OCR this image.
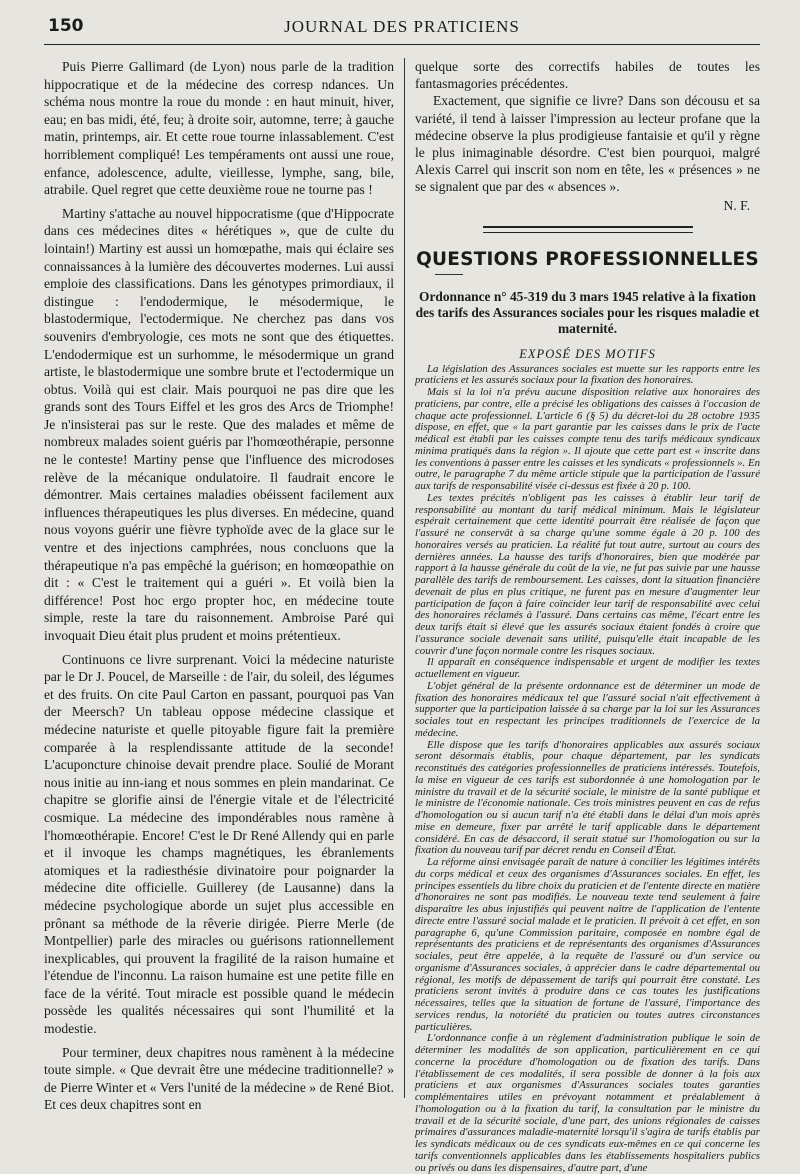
150	JOURNAL DES PRATICIENS

Puis Pierre Gallimard (de Lyon) nous parle de la tradition hippocratique et de la médecine des corresp ndances. Un schéma nous montre la roue du monde : en haut minuit, hiver, eau; en bas midi, été, feu; à droite soir, automne, terre; à gauche matin, printemps, air. Et cette roue tourne inlassablement. C'est horriblement compliqué! Les tempéraments ont aussi une roue, enfance, adolescence, adulte, vieillesse, lymphe, sang, bile, atrabile. Quel regret que cette deuxième roue ne tourne pas !

Martiny s'attache au nouvel hippocratisme (que d'Hippocrate dans ces médecines dites « hérétiques », que de culte du lointain!) Martiny est aussi un homœpathe, mais qui éclaire ses connaissances à la lumière des découvertes modernes. Lui aussi emploie des classifications. Dans les génotypes primordiaux, il distingue : l'endodermique, le mésodermique, le blastodermique, l'ectodermique. Ne cherchez pas dans vos souvenirs d'embryologie, ces mots ne sont que des étiquettes. L'endodermique est un surhomme, le mésodermique un grand artiste, le blastodermique une sombre brute et l'ectodermique un obtus. Voilà qui est clair. Mais pourquoi ne pas dire que les grands sont des Tours Eiffel et les gros des Arcs de Triomphe! Je n'insisterai pas sur le reste. Que des malades et même de nombreux malades soient guéris par l'homœothérapie, personne ne le conteste! Martiny pense que l'influence des microdoses relève de la mécanique ondulatoire. Il faudrait encore le démontrer. Mais certaines maladies obéissent facilement aux influences thérapeutiques les plus diverses. En médecine, quand nous voyons guérir une fièvre typhoïde avec de la glace sur le ventre et des injections camphrées, nous concluons que la thérapeutique n'a pas empêché la guérison; en homœopathie on dit : « C'est le traitement qui a guéri ». Et voilà bien la différence! Post hoc ergo propter hoc, en médecine toute simple, reste la tare du raisonnement. Ambroise Paré qui invoquait Dieu était plus prudent et moins prétentieux.

Continuons ce livre surprenant. Voici la médecine naturiste par le Dr J. Poucel, de Marseille : de l'air, du soleil, des légumes et des fruits. On cite Paul Carton en passant, pourquoi pas Van der Meersch? Un tableau oppose médecine classique et médecine naturiste et quelle pitoyable figure fait la première comparée à la resplendissante attitude de la seconde! L'acuponcture chinoise devait prendre place. Soulié de Morant nous initie au inn-iang et nous sommes en plein mandarinat. Ce chapitre se glorifie ainsi de l'énergie vitale et de l'électricité cosmique. La médecine des impondérables nous ramène à l'homœothérapie. Encore! C'est le Dr René Allendy qui en parle et il invoque les champs magnétiques, les ébranlements atomiques et la radiesthésie divinatoire pour poignarder la médecine dite officielle. Guillerey (de Lausanne) dans la médecine psychologique aborde un sujet plus accessible en prônant sa méthode de la rêverie dirigée. Pierre Merle (de Montpellier) parle des miracles ou guérisons rationnellement inexplicables, qui prouvent la fragilité de la raison humaine et l'étendue de l'inconnu. La raison humaine est une petite fille en face de la vérité. Tout miracle est possible quand le médecin possède les qualités nécessaires qui sont l'humilité et la modestie.

Pour terminer, deux chapitres nous ramènent à la médecine toute simple. « Que devrait être une médecine traditionnelle? » de Pierre Winter et « Vers l'unité de la médecine » de René Biot. Et ces deux chapitres sont en

quelque sorte des correctifs habiles de toutes les fantasmagories précédentes.

Exactement, que signifie ce livre? Dans son décousu et sa variété, il tend à laisser l'impression au lecteur profane que la médecine observe la plus prodigieuse fantaisie et qu'il y règne le plus inimaginable désordre. C'est bien pourquoi, malgré Alexis Carrel qui inscrit son nom en tête, les « présences » ne se signalent que par des « absences ».

N. F.
QUESTIONS PROFESSIONNELLES
Ordonnance n° 45-319 du 3 mars 1945 relative à la fixation des tarifs des Assurances sociales pour les risques maladie et maternité.
EXPOSÉ DES MOTIFS

La législation des Assurances sociales est muette sur les rapports entre les praticiens et les assurés sociaux pour la fixation des honoraires.

Mais si la loi n'a prévu aucune disposition relative aux honoraires des praticiens, par contre, elle a précisé les obligations des caisses à l'occasion de chaque acte professionnel. L'article 6 (§ 5) du décret-loi du 28 octobre 1935 dispose, en effet, que « la part garantie par les caisses dans le prix de l'acte médical est établi par les caisses compte tenu des tarifs médicaux syndicaux minima pratiqués dans la région ». Il ajoute que cette part est « inscrite dans les conventions à passer entre les caisses et les syndicats « professionnels ». En outre, le paragraphe 7 du même article stipule que la participation de l'assuré aux tarifs de responsabilité visée ci-dessus est fixée à 20 p. 100.

Les textes précités n'obligent pas les caisses à établir leur tarif de responsabilité au montant du tarif médical minimum. Mais le législateur espérait certainement que cette identité pourrait être réalisée de façon que l'assuré ne conservât à sa charge qu'une somme égale à 20 p. 100 des honoraires versés au praticien. La réalité fut tout autre, surtout au cours des dernières années. La hausse des tarifs d'honoraires, bien que modérée par rapport à la hausse générale du coût de la vie, ne fut pas suivie par une hausse parallèle des tarifs de remboursement. Les caisses, dont la situation financière devenait de plus en plus critique, ne furent pas en mesure d'augmenter leur participation de façon à faire coïncider leur tarif de responsabilité avec celui des honoraires réclamés à l'assuré. Dans certains cas même, l'écart entre les deux tarifs était si élevé que les assurés sociaux étaient fondés à croire que l'assurance sociale devenait sans utilité, puisqu'elle était incapable de les couvrir d'une façon normale contre les risques sociaux.

Il apparaît en conséquence indispensable et urgent de modifier les textes actuellement en vigueur.

L'objet général de la présente ordonnance est de déterminer un mode de fixation des honoraires médicaux tel que l'assuré social n'ait effectivement à supporter que la participation laissée à sa charge par la loi sur les Assurances sociales tout en respectant les principes traditionnels de l'exercice de la médecine.

Elle dispose que les tarifs d'honoraires applicables aux assurés sociaux seront désormais établis, pour chaque département, par les syndicats reconstitués des catégories professionnelles de praticiens intéressés. Toutefois, la mise en vigueur de ces tarifs est subordonnée à une homologation par le ministre du travail et de la sécurité sociale, le ministre de la santé publique et le ministre de l'économie nationale. Ces trois ministres peuvent en cas de refus d'homologation ou si aucun tarif n'a été établi dans le délai d'un mois après mise en demeure, fixer par arrêté le tarif applicable dans le département considéré. En cas de désaccord, il serait statué sur l'homologation ou sur la fixation du nouveau tarif par décret rendu en Conseil d'État.

La réforme ainsi envisagée paraît de nature à concilier les légitimes intérêts du corps médical et ceux des organismes d'Assurances sociales. En effet, les principes essentiels du libre choix du praticien et de l'entente directe en matière d'honoraires ne sont pas modifiés. Le nouveau texte tend seulement à faire disparaître les abus injustifiés qui peuvent naître de l'application de l'entente directe entre l'assuré social malade et le praticien. Il prévoit à cet effet, en son paragraphe 6, qu'une Commission paritaire, composée en nombre égal de représentants des praticiens et de représentants des organismes d'Assurances sociales, peut être appelée, à la requête de l'assuré ou d'un service ou organisme d'Assurances sociales, à apprécier dans le cadre départemental ou régional, les motifs de dépassement de tarifs qui pourrait être constaté. Les praticiens seront invités à produire dans ce cas toutes les justifications nécessaires, telles que la situation de fortune de l'assuré, l'importance des services rendus, la notoriété du praticien ou toutes autres circonstances particulières.

L'ordonnance confie à un règlement d'administration publique le soin de déterminer les modalités de son application, particulièrement en ce qui concerne la procédure d'homologation ou de fixation des tarifs. Dans l'établissement de ces modalités, il sera possible de donner à la fois aux praticiens et aux organismes d'Assurances sociales toutes garanties complémentaires utiles en prévoyant notamment et préalablement à l'homologation ou à la fixation du tarif, la consultation par le ministre du travail et de la sécurité sociale, d'une part, des unions régionales de caisses primaires d'assurances maladie-maternité lorsqu'il s'agira de tarifs établis par les syndicats médicaux ou de ces syndicats eux-mêmes en ce qui concerne les tarifs conventionnels applicables dans les établissements hospitaliers publics ou privés ou dans les dispensaires, d'autre part, d'une
